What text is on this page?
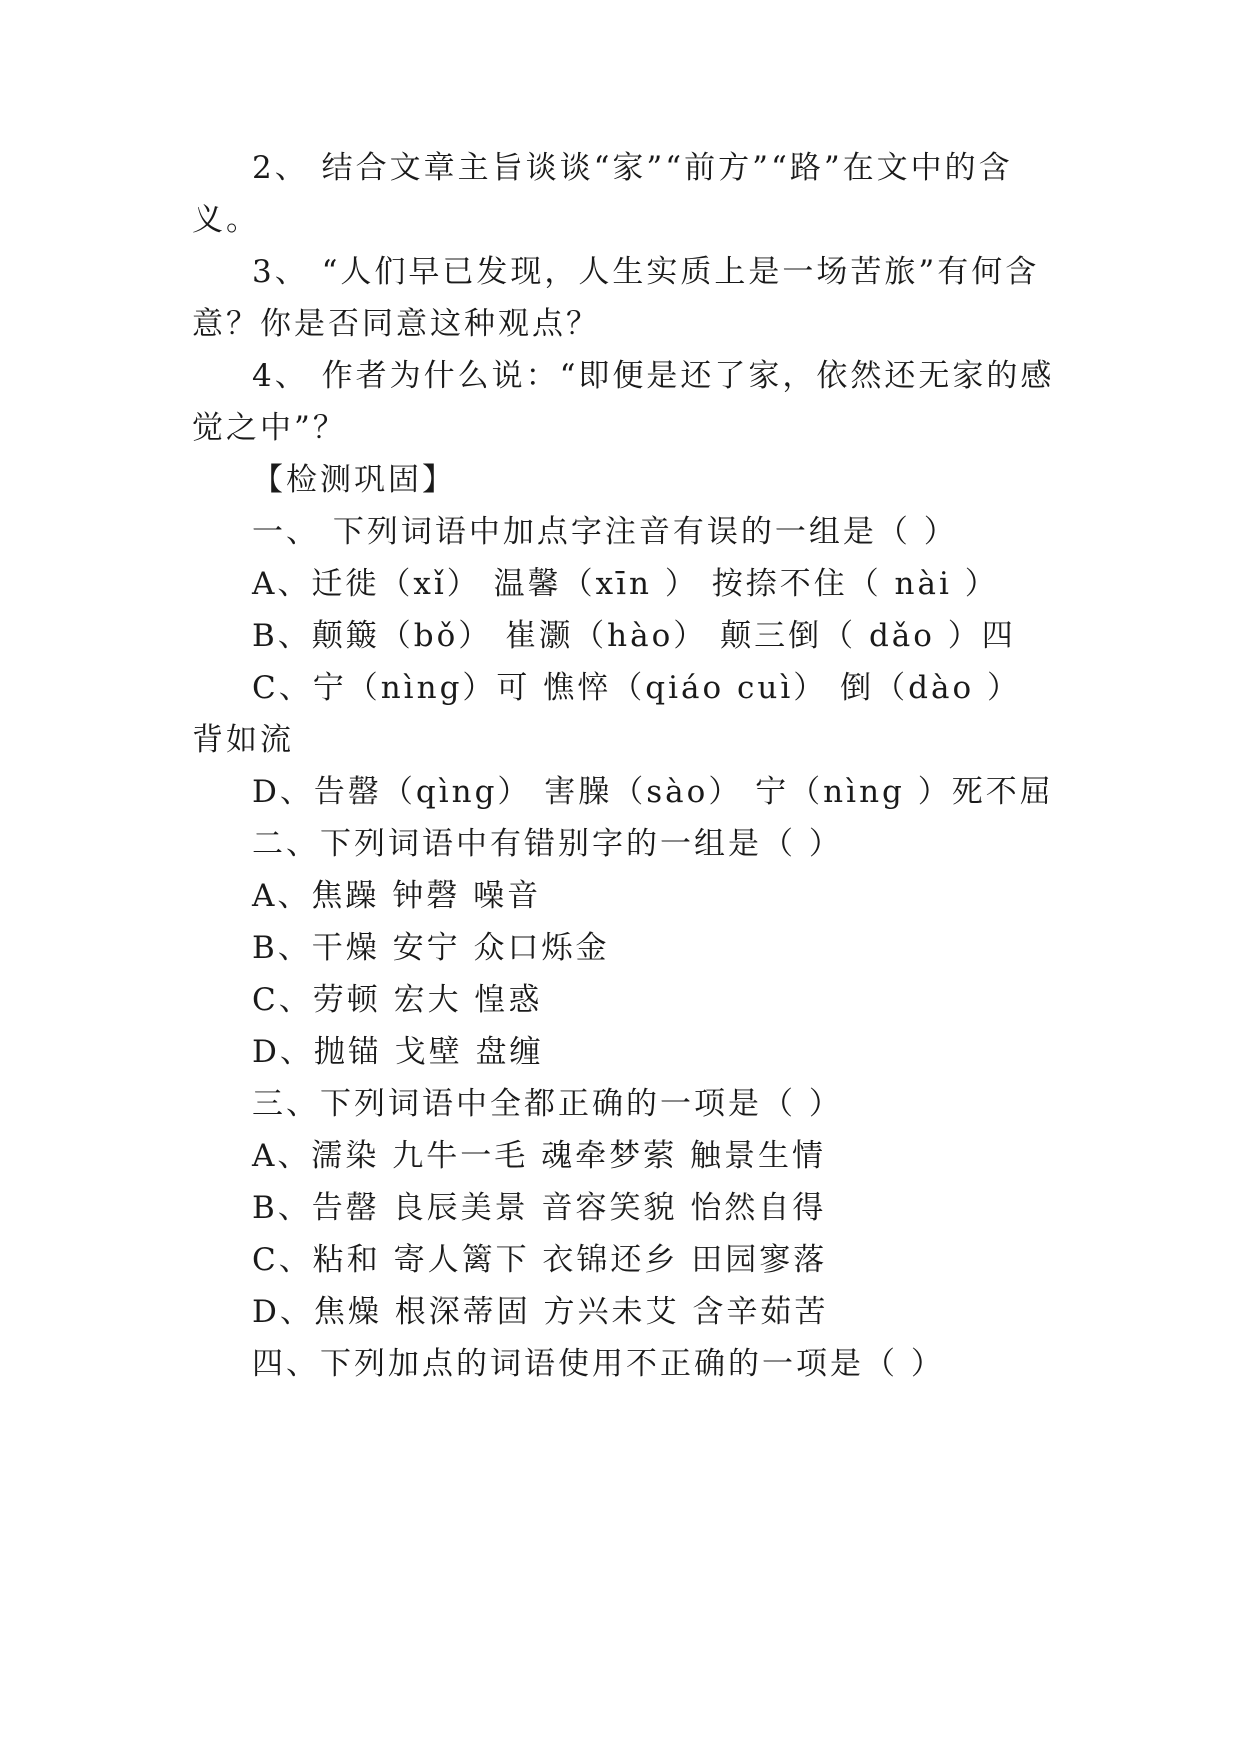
2、 结合文章主旨谈谈“家”“前方”“路”在文中的含
义。
3、 “人们早已发现，人生实质上是一场苦旅”有何含
意？你是否同意这种观点？
4、 作者为什么说：“即便是还了家，依然还无家的感
觉之中”？
【检测巩固】
一、 下列词语中加点字注音有误的一组是（ ）
A、迁徙（xǐ） 温馨（xīn ） 按捺不住（ nài ）
B、颠簸（bǒ） 崔灏（hào） 颠三倒（ dǎo ）四
C、宁（nìng）可 憔悴（qiáo cuì） 倒（dào ）
背如流
D、告罄（qìng） 害臊（sào） 宁（nìng ）死不屈
二、下列词语中有错别字的一组是（ ）
A、焦躁 钟磬 噪音
B、干燥 安宁 众口烁金
C、劳顿 宏大 惶惑
D、抛锚 戈壁 盘缠
三、下列词语中全都正确的一项是（ ）
A、濡染 九牛一毛 魂牵梦萦 触景生情
B、告罄 良辰美景 音容笑貌 怡然自得
C、粘和 寄人篱下 衣锦还乡 田园寥落
D、焦燥 根深蒂固 方兴未艾 含辛茹苦
四、下列加点的词语使用不正确的一项是（ ）
